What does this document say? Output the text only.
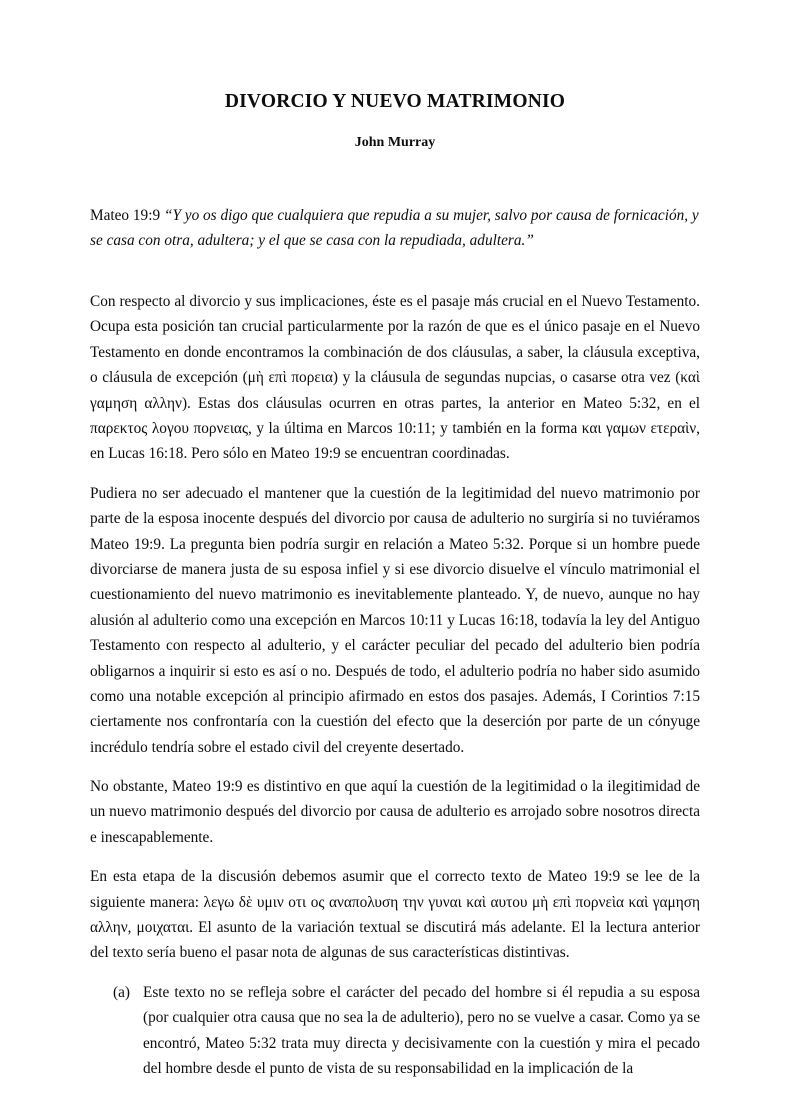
DIVORCIO Y NUEVO MATRIMONIO
John Murray

Mateo 19:9 “Y yo os digo que cualquiera que repudia a su mujer, salvo por causa de fornicación, y se casa con otra, adultera; y el que se casa con la repudiada, adultera.”

Con respecto al divorcio y sus implicaciones, éste es el pasaje más crucial en el Nuevo Testamento. Ocupa esta posición tan crucial particularmente por la razón de que es el único pasaje en el Nuevo Testamento en donde encontramos la combinación de dos cláusulas, a saber, la cláusula exceptiva, o cláusula de excepción (μὴ επὶ πορεια) y la cláusula de segundas nupcias, o casarse otra vez (καὶ γαμηση αλλην). Estas dos cláusulas ocurren en otras partes, la anterior en Mateo 5:32, en el παρεκτος λογου πορνειας, y la última en Marcos 10:11; y también en la forma και γαμων ετεραὶν, en Lucas 16:18. Pero sólo en Mateo 19:9 se encuentran coordinadas.

Pudiera no ser adecuado el mantener que la cuestión de la legitimidad del nuevo matrimonio por parte de la esposa inocente después del divorcio por causa de adulterio no surgiría si no tuviéramos Mateo 19:9. La pregunta bien podría surgir en relación a Mateo 5:32. Porque si un hombre puede divorciarse de manera justa de su esposa infiel y si ese divorcio disuelve el vínculo matrimonial el cuestionamiento del nuevo matrimonio es inevitablemente planteado. Y, de nuevo, aunque no hay alusión al adulterio como una excepción en Marcos 10:11 y Lucas 16:18, todavía la ley del Antiguo Testamento con respecto al adulterio, y el carácter peculiar del pecado del adulterio bien podría obligarnos a inquirir si esto es así o no. Después de todo, el adulterio podría no haber sido asumido como una notable excepción al principio afirmado en estos dos pasajes. Además, I Corintios 7:15 ciertamente nos confrontaría con la cuestión del efecto que la deserción por parte de un cónyuge incrédulo tendría sobre el estado civil del creyente desertado.

No obstante, Mateo 19:9 es distintivo en que aquí la cuestión de la legitimidad o la ilegitimidad de un nuevo matrimonio después del divorcio por causa de adulterio es arrojado sobre nosotros directa e inescapablemente.

En esta etapa de la discusión debemos asumir que el correcto texto de Mateo 19:9 se lee de la siguiente manera: λεγω δὲ υμιν οτι ος αναπολυση την γυναι καὶ αυτου μὴ επὶ πορνεὶα καὶ γαμηση αλλην, μοιχαται. El asunto de la variación textual se discutirá más adelante. El la lectura anterior del texto sería bueno el pasar nota de algunas de sus características distintivas.

(a) Este texto no se refleja sobre el carácter del pecado del hombre si él repudia a su esposa (por cualquier otra causa que no sea la de adulterio), pero no se vuelve a casar. Como ya se encontró, Mateo 5:32 trata muy directa y decisivamente con la cuestión y mira el pecado del hombre desde el punto de vista de su responsabilidad en la implicación de la
